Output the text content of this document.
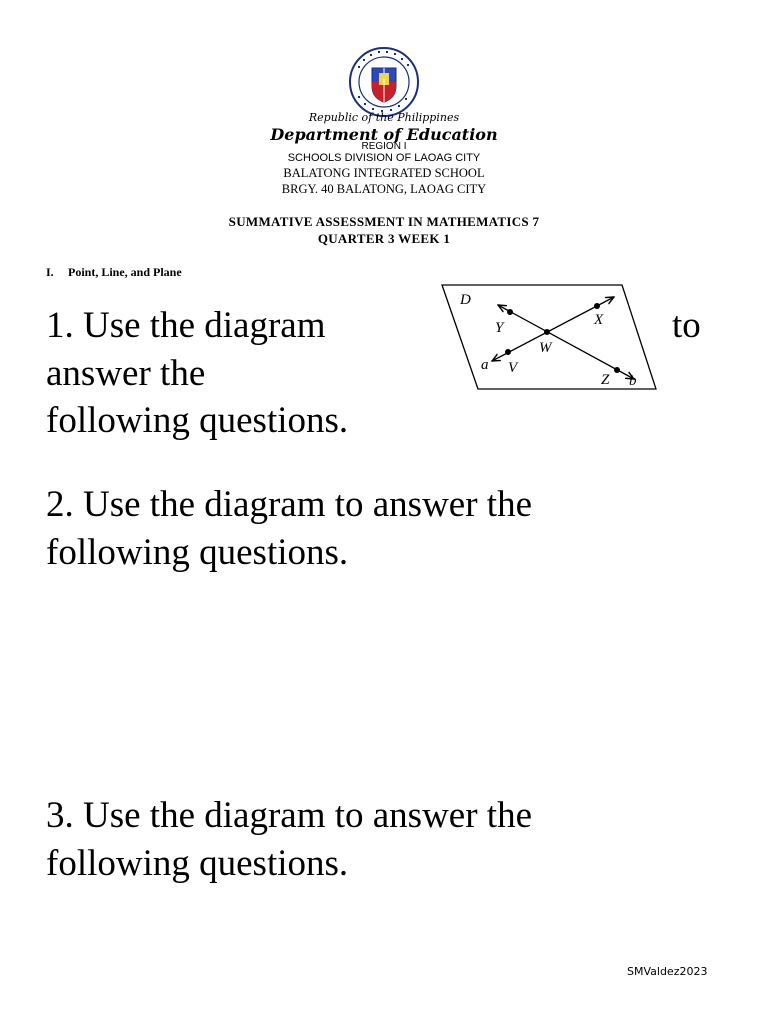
Republic of the Philippines
Department of Education
REGION I
SCHOOLS DIVISION OF LAOAG CITY
BALATONG INTEGRATED SCHOOL
BRGY. 40 BALATONG, LAOAG CITY
SUMMATIVE ASSESSMENT IN MATHEMATICS 7
QUARTER 3 WEEK 1
I. Point, Line, and Plane
1. Use the diagram	to
answer the
following questions.
D
Y	X
W
a V
Z b
2. Use the diagram to answer the
following questions.
3. Use the diagram to answer the
following questions.
SMValdez2023
